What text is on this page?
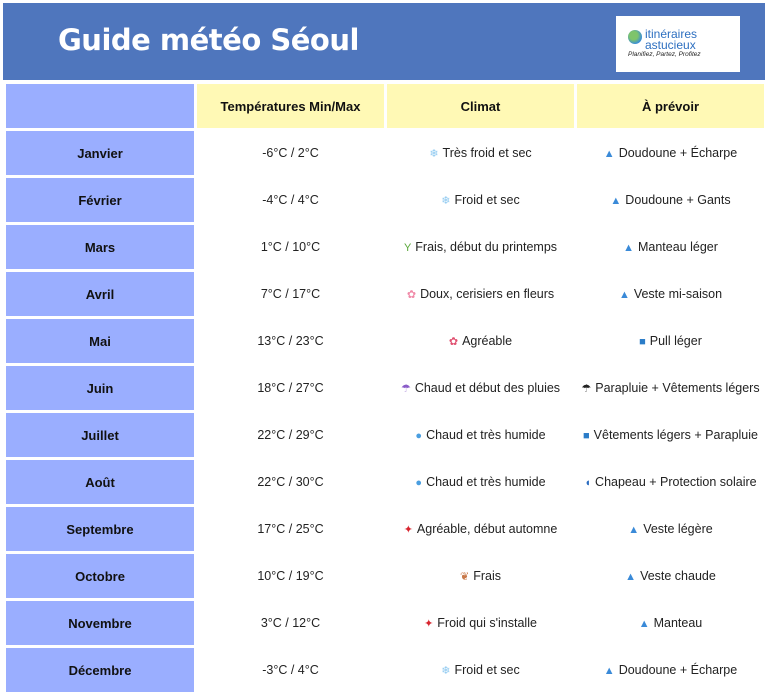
Guide météo Séoul	itinéraires
astucieux
Planifiez, Partez, Profitez
	Températures Min/Max	Climat	À prévoir
Janvier	-6°C / 2°C	❄ Très froid et sec	▲ Doudoune + Écharpe
Février	-4°C / 4°C	❄ Froid et sec	▲ Doudoune + Gants
Mars	1°C / 10°C	Y Frais, début du printemps	▲ Manteau léger
Avril	7°C / 17°C	✿ Doux, cerisiers en fleurs	▲ Veste mi-saison
Mai	13°C / 23°C	✿ Agréable	■ Pull léger
Juin	18°C / 27°C	☂ Chaud et début des pluies	☂ Parapluie + Vêtements légers
Juillet	22°C / 29°C	● Chaud et très humide	■ Vêtements légers + Parapluie
Août	22°C / 30°C	● Chaud et très humide	◖ Chapeau + Protection solaire
Septembre	17°C / 25°C	✦ Agréable, début automne	▲ Veste légère
Octobre	10°C / 19°C	❦ Frais	▲ Veste chaude
Novembre	3°C / 12°C	✦ Froid qui s'installe	▲ Manteau
Décembre	-3°C / 4°C	❄ Froid et sec	▲ Doudoune + Écharpe
